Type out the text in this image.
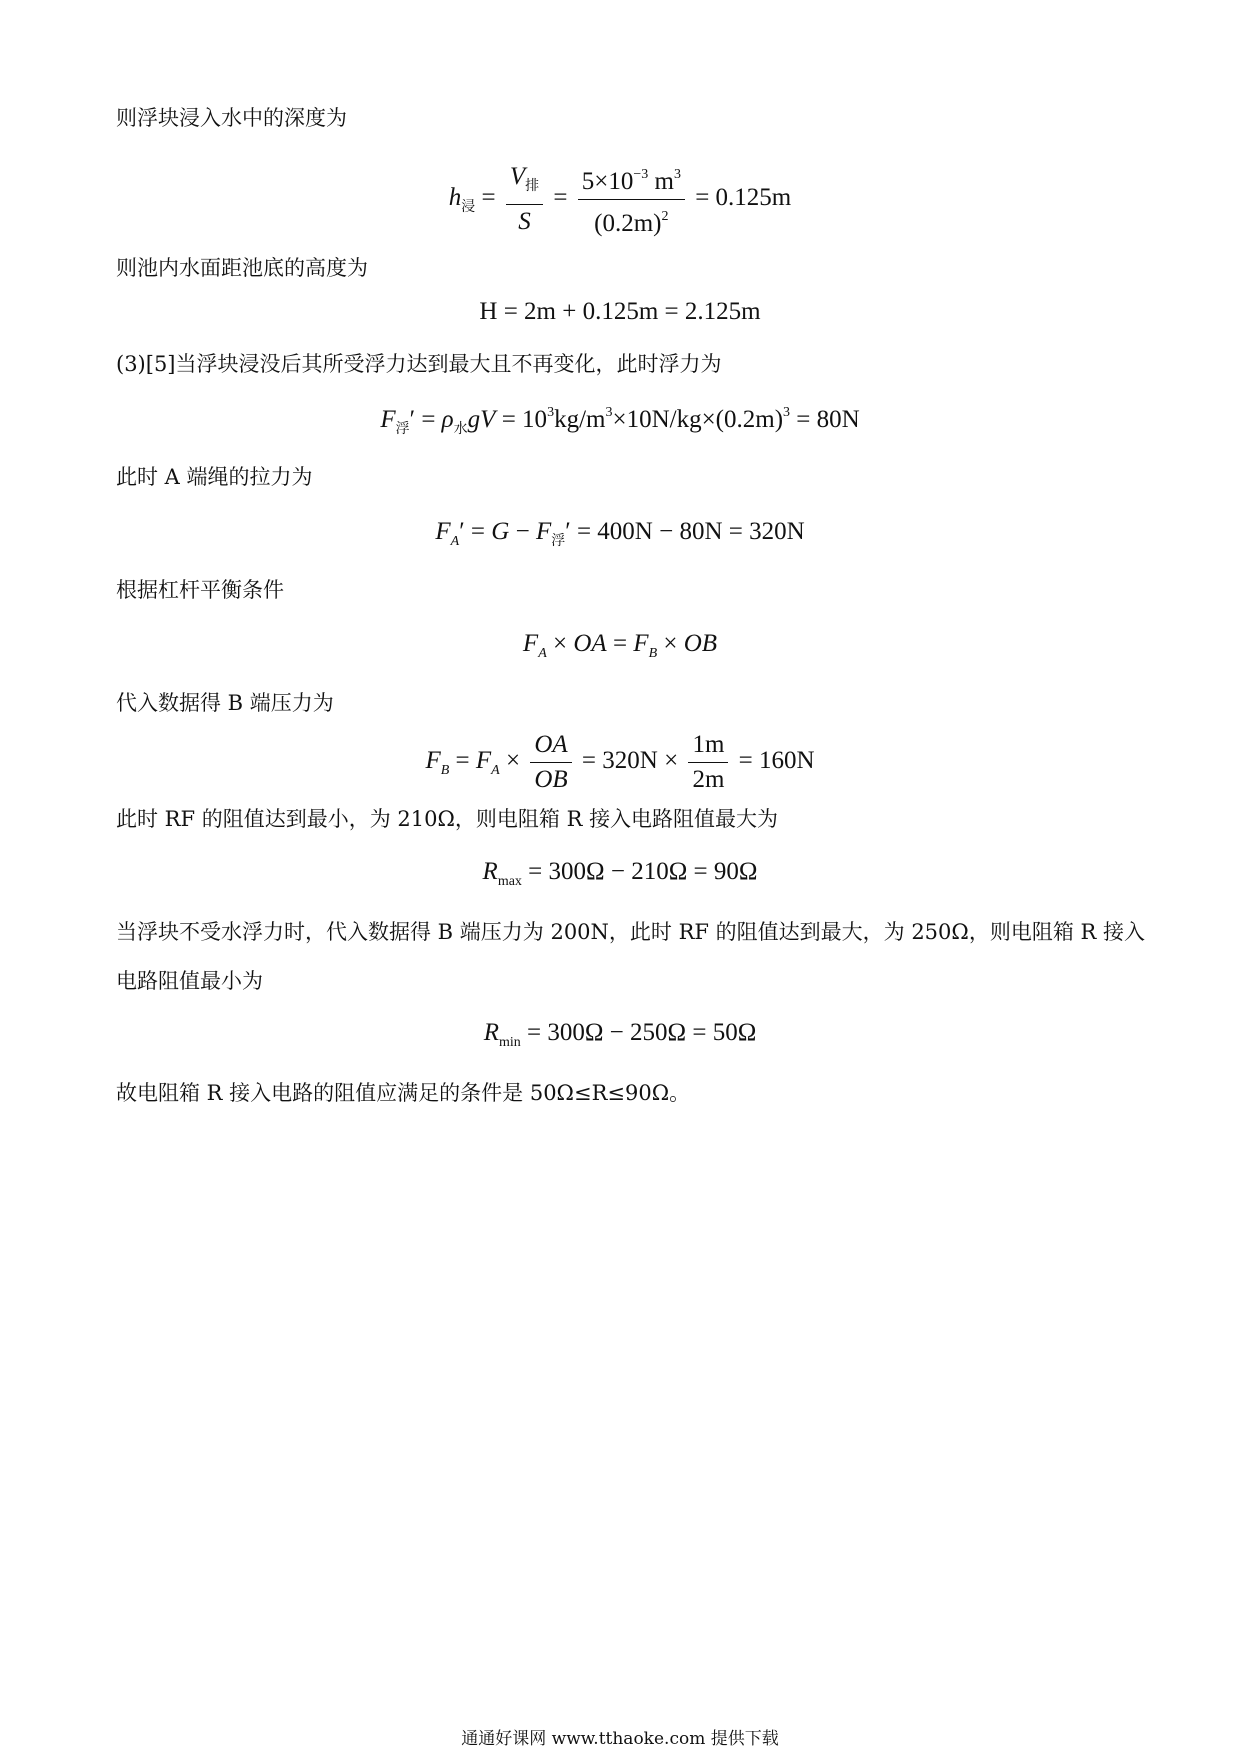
则浮块浸入水中的深度为
$h_浸 = \frac{V_排}{S} = \frac{5\times 10^{-3} m^3}{(0.2m)^2} = 0.125m$
则池内水面距池底的高度为
H = 2m + 0.125m = 2.125m
(3)[5]当浮块浸没后其所受浮力达到最大且不再变化，此时浮力为
$F_浮' = \rho_水gV = 10^3kg/m^3\times 10N/kg\times(0.2m)^3 = 80N$
此时 A 端绳的拉力为
$F_A' = G - F_浮' = 400N - 80N = 320N$
根据杠杆平衡条件
$F_A$ × OA = $F_B$ × OB
代入数据得 B 端压力为
$F_B = F_A \times \frac{OA}{OB} = 320N \times \frac{1m}{2m} = 160N$
此时 RF 的阻值达到最小，为 210Ω，则电阻箱 R 接入电路阻值最大为
$R_{max} = 300\Omega - 210\Omega = 90\Omega$
当浮块不受水浮力时，代入数据得 B 端压力为 200N，此时 RF 的阻值达到最大，为 250Ω，则电阻箱 R 接入
电路阻值最小为
$R_{min} = 300\Omega - 250\Omega = 50\Omega$
故电阻箱 R 接入电路的阻值应满足的条件是 50Ω≤R≤90Ω。
通通好课网 www.tthaoke.com 提供下载
